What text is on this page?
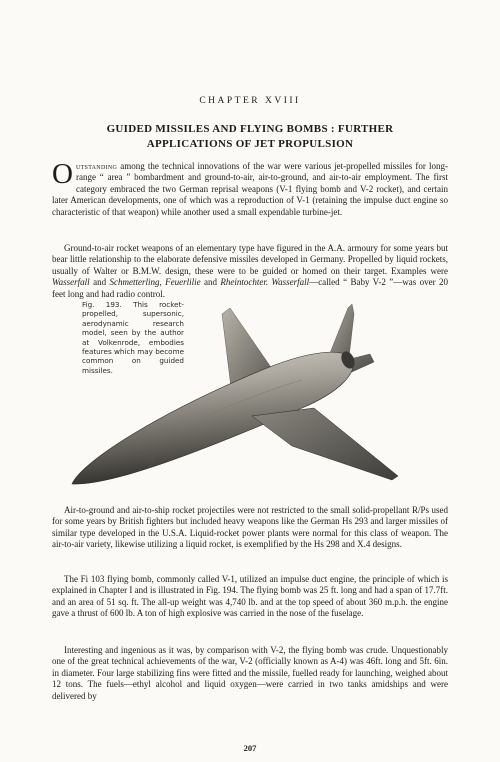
CHAPTER XVIII
GUIDED MISSILES AND FLYING BOMBS : FURTHER
APPLICATIONS OF JET PROPULSION

Outstanding among the technical innovations of the war were various jet-propelled missiles for long-range “ area ” bombardment and ground-to-air, air-to-ground, and air-to-air employment. The first category embraced the two German reprisal weapons (V-1 flying bomb and V-2 rocket), and certain later American developments, one of which was a reproduction of V-1 (retaining the impulse duct engine so characteristic of that weapon) while another used a small expendable turbine-jet.

Ground-to-air rocket weapons of an elementary type have figured in the A.A. armoury for some years but bear little relationship to the elaborate defensive missiles developed in Germany. Propelled by liquid rockets, usually of Walter or B.M.W. design, these were to be guided or homed on their target. Examples were Wasserfall and Schmetterling, Feuerlilie and Rheintochter. Wasserfall—called “ Baby V-2 ”—was over 20 feet long and had radio control.

Fig. 193. This rocket-propelled, supersonic, aerodynamic research model, seen by the author at Volkenrode, embodies features which may become common on guided missiles.

Air-to-ground and air-to-ship rocket projectiles were not restricted to the small solid-propellant R/Ps used for some years by British fighters but included heavy weapons like the German Hs 293 and larger missiles of similar type developed in the U.S.A. Liquid-rocket power plants were normal for this class of weapon. The air-to-air variety, likewise utilizing a liquid rocket, is exemplified by the Hs 298 and X.4 designs.

The Fi 103 flying bomb, commonly called V-1, utilized an impulse duct engine, the principle of which is explained in Chapter I and is illustrated in Fig. 194. The flying bomb was 25 ft. long and had a span of 17.7ft. and an area of 51 sq. ft. The all-up weight was 4,740 lb. and at the top speed of about 360 m.p.h. the engine gave a thrust of 600 lb. A ton of high explosive was carried in the nose of the fuselage.

Interesting and ingenious as it was, by comparison with V-2, the flying bomb was crude. Unquestionably one of the great technical achievements of the war, V-2 (officially known as A-4) was 46ft. long and 5ft. 6in. in diameter. Four large stabilizing fins were fitted and the missile, fuelled ready for launching, weighed about 12 tons. The fuels—ethyl alcohol and liquid oxygen—were carried in two tanks amidships and were delivered by

207
